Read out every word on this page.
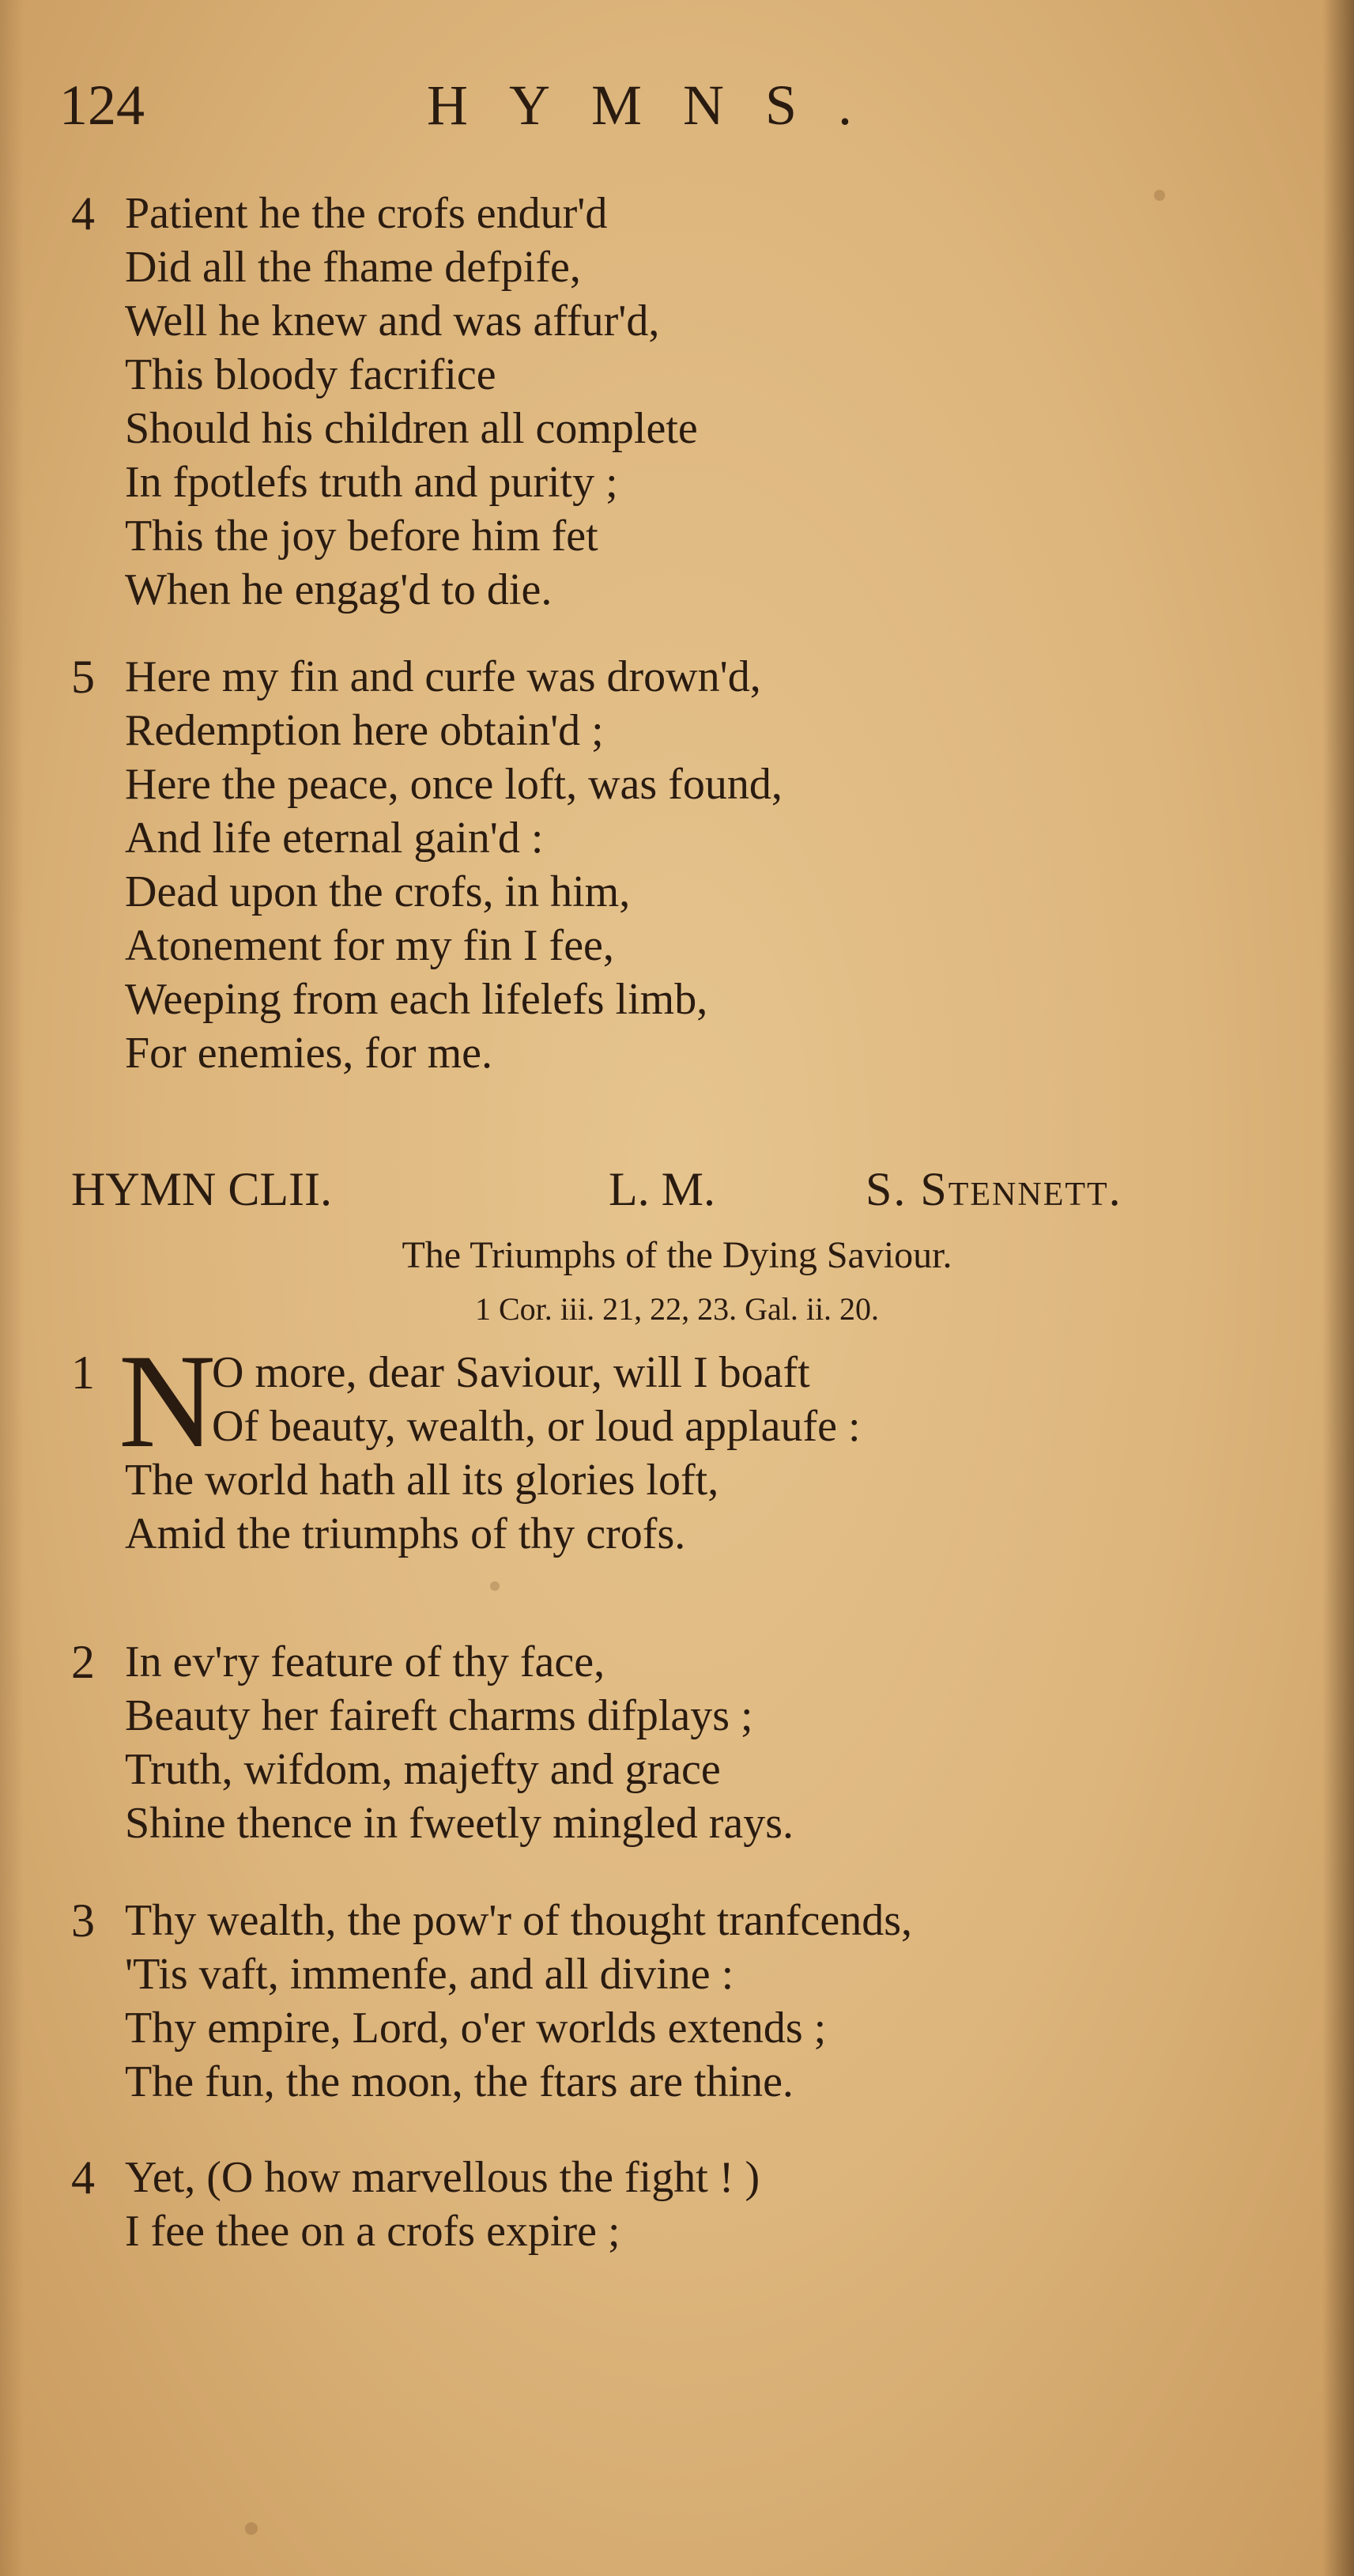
124	HYMNS.
4 Patient he the crofs endur'd
Did all the fhame defpife,
Well he knew and was affur'd,
This bloody facrifice
Should his children all complete
In fpotlefs truth and purity ;
This the joy before him fet
When he engag'd to die.
5 Here my fin and curfe was drown'd,
Redemption here obtain'd ;
Here the peace, once loft, was found,
And life eternal gain'd :
Dead upon the crofs, in him,
Atonement for my fin I fee,
Weeping from each lifelefs limb,
For enemies, for me.
HYMN CLII.	L. M.	S. Stennett.
The Triumphs of the Dying Saviour.
1 Cor. iii. 21, 22, 23. Gal. ii. 20.
1 N
O more, dear Saviour, will I boaft
Of beauty, wealth, or loud applaufe :
The world hath all its glories loft,
Amid the triumphs of thy crofs.
2 In ev'ry feature of thy face,
Beauty her faireft charms difplays ;
Truth, wifdom, majefty and grace
Shine thence in fweetly mingled rays.
3 Thy wealth, the pow'r of thought tranfcends,
'Tis vaft, immenfe, and all divine :
Thy empire, Lord, o'er worlds extends ;
The fun, the moon, the ftars are thine.
4 Yet, (O how marvellous the fight ! )
I fee thee on a crofs expire ;
